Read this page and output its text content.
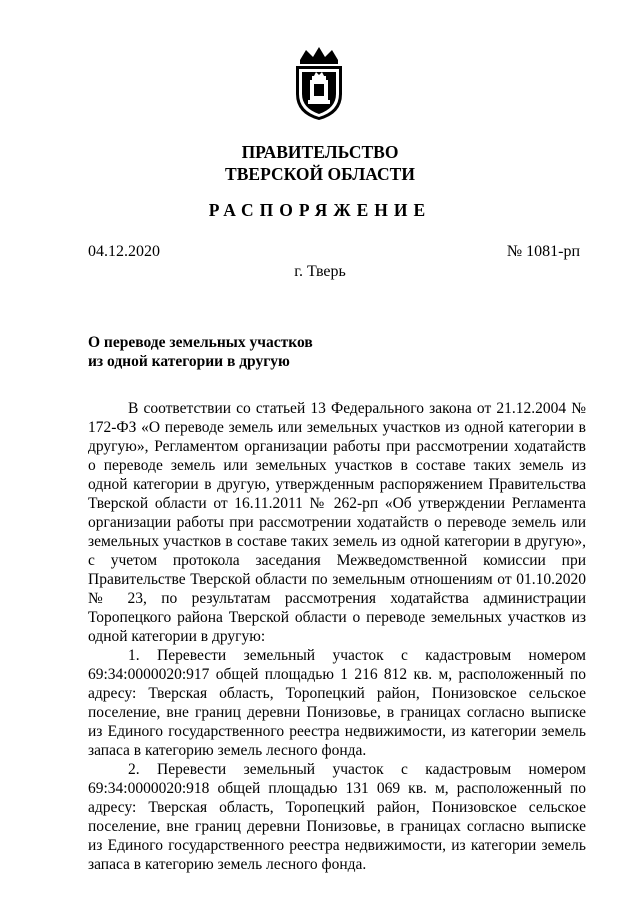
ПРАВИТЕЛЬСТВО
ТВЕРСКОЙ ОБЛАСТИ
РАСПОРЯЖЕНИЕ
04.12.2020	№ 1081-рп
г. Тверь
О переводе земельных участков
из одной категории в другую

В соответствии со статьей 13 Федерального закона от 21.12.2004 № 172-ФЗ «О переводе земель или земельных участков из одной категории в другую», Регламентом организации работы при рассмотрении ходатайств о переводе земель или земельных участков в составе таких земель из одной категории в другую, утвержденным распоряжением Правительства Тверской области от 16.11.2011 № 262-рп «Об утверждении Регламента организации работы при рассмотрении ходатайств о переводе земель или земельных участков в составе таких земель из одной категории в другую», с учетом протокола заседания Межведомственной комиссии при Правительстве Тверской области по земельным отношениям от 01.10.2020 № 23, по результатам рассмотрения ходатайства администрации Торопецкого района Тверской области о переводе земельных участков из одной категории в другую:

1. Перевести земельный участок с кадастровым номером 69:34:0000020:917 общей площадью 1 216 812 кв. м, расположенный по адресу: Тверская область, Торопецкий район, Понизовское сельское поселение, вне границ деревни Понизовье, в границах согласно выписке из Единого государственного реестра недвижимости, из категории земель запаса в категорию земель лесного фонда.

2. Перевести земельный участок с кадастровым номером 69:34:0000020:918 общей площадью 131 069 кв. м, расположенный по адресу: Тверская область, Торопецкий район, Понизовское сельское поселение, вне границ деревни Понизовье, в границах согласно выписке из Единого государственного реестра недвижимости, из категории земель запаса в категорию земель лесного фонда.
